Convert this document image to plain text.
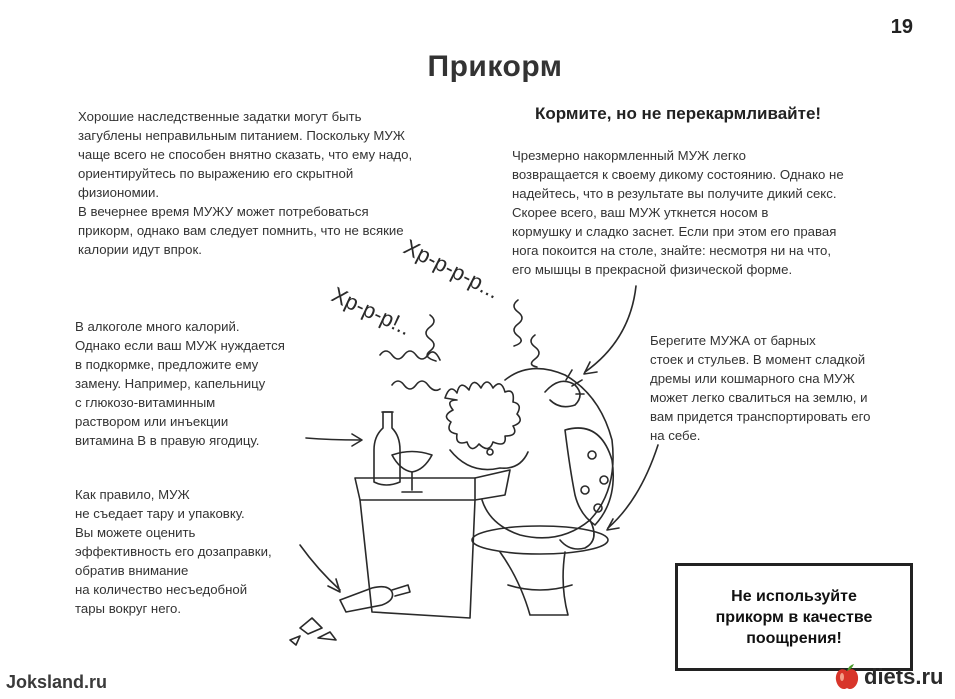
19
Прикорм
Хорошие наследственные задатки могут быть
загублены неправильным питанием. Поскольку МУЖ
чаще всего не способен внятно сказать, что ему надо,
ориентируйтесь по выражению его скрытной
физиономии.
В вечернее время МУЖУ может потребоваться
прикорм, однако вам следует помнить, что не всякие
калории идут впрок.
Кормите, но не перекармливайте!
Чрезмерно накормленный МУЖ легко
возвращается к своему дикому состоянию. Однако не
надейтесь, что в результате вы получите дикий секс.
Скорее всего, ваш МУЖ уткнется носом в
кормушку и сладко заснет. Если при этом его правая
нога покоится на столе, знайте: несмотря ни на что,
его мышцы в прекрасной физической форме.
В алкоголе много калорий.
Однако если ваш МУЖ нуждается
в подкормке, предложите ему
замену. Например, капельницу
с глюкозо-витаминным
раствором или инъекции
витамина В в правую ягодицу.
Как правило, МУЖ
не съедает тару и упаковку.
Вы можете оценить
эффективность его дозаправки,
обратив внимание
на количество несъедобной
тары вокруг него.
Берегите МУЖА от барных
стоек и стульев. В момент сладкой
дремы или кошмарного сна МУЖ
может легко свалиться на землю, и
вам придется транспортировать его
на себе.
Не используйте
прикорм в качестве
поощрения!
Хр-р-р-р...
Хр-р-р!..
Joksland.ru	diets.ru
